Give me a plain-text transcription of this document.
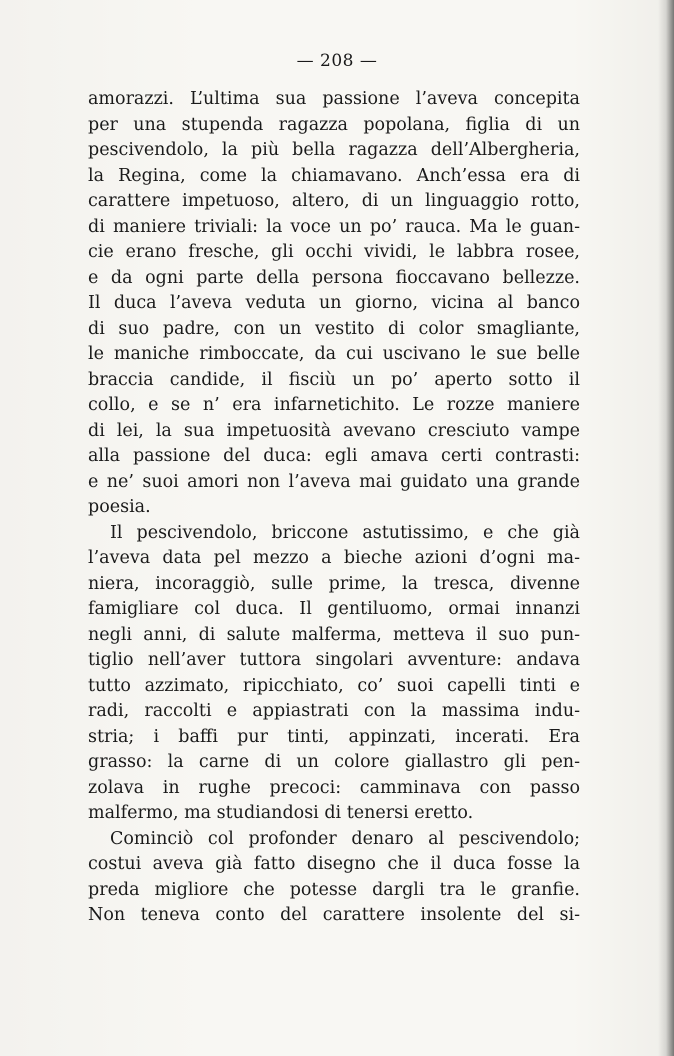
— 208 —
amorazzi. L’ultima sua passione l’aveva concepita
per una stupenda ragazza popolana, figlia di un
pescivendolo, la più bella ragazza dell’Albergheria,
la Regina, come la chiamavano. Anch’essa era di
carattere impetuoso, altero, di un linguaggio rotto,
di maniere triviali: la voce un po’ rauca. Ma le guan-
cie erano fresche, gli occhi vividi, le labbra rosee,
e da ogni parte della persona fioccavano bellezze.
Il duca l’aveva veduta un giorno, vicina al banco
di suo padre, con un vestito di color smagliante,
le maniche rimboccate, da cui uscivano le sue belle
braccia candide, il fisciù un po’ aperto sotto il
collo, e se n’ era infarnetichito. Le rozze maniere
di lei, la sua impetuosità avevano cresciuto vampe
alla passione del duca: egli amava certi contrasti:
e ne’ suoi amori non l’aveva mai guidato una grande
poesia.
Il pescivendolo, briccone astutissimo, e che già
l’aveva data pel mezzo a bieche azioni d’ogni ma-
niera, incoraggiò, sulle prime, la tresca, divenne
famigliare col duca. Il gentiluomo, ormai innanzi
negli anni, di salute malferma, metteva il suo pun-
tiglio nell’aver tuttora singolari avventure: andava
tutto azzimato, ripicchiato, co’ suoi capelli tinti e
radi, raccolti e appiastrati con la massima indu-
stria; i baffi pur tinti, appinzati, incerati. Era
grasso: la carne di un colore giallastro gli pen-
zolava in rughe precoci: camminava con passo
malfermo, ma studiandosi di tenersi eretto.
Cominciò col profonder denaro al pescivendolo;
costui aveva già fatto disegno che il duca fosse la
preda migliore che potesse dargli tra le granfie.
Non teneva conto del carattere insolente del si-
